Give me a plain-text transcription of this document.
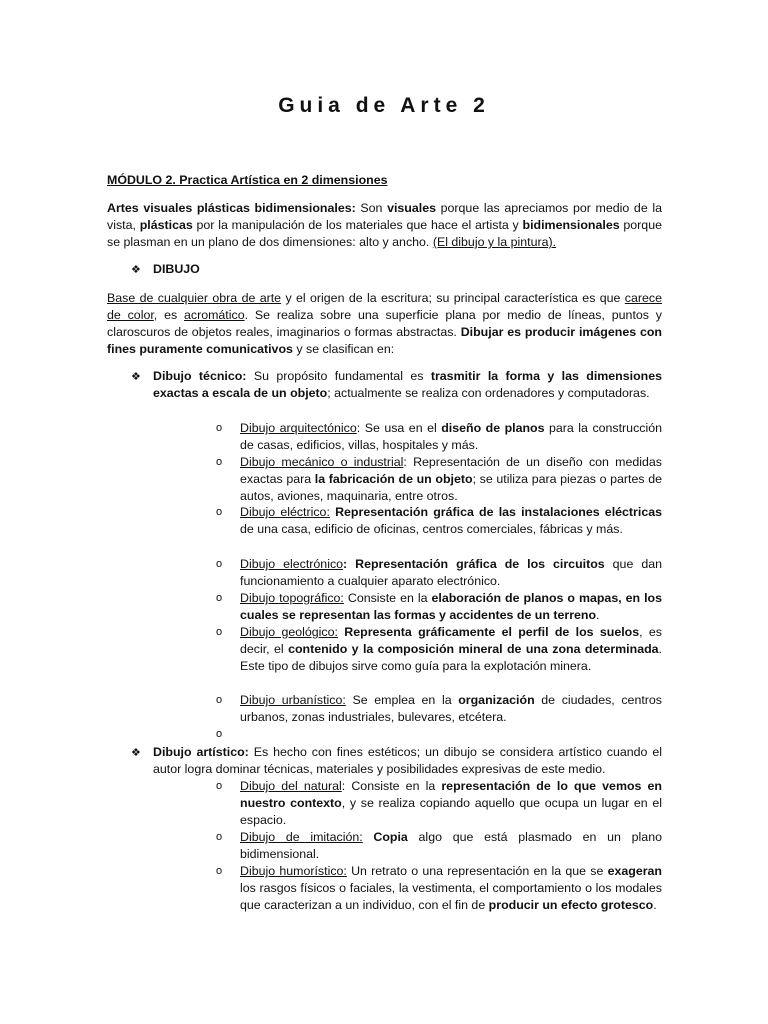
Guia de Arte 2
MÓDULO 2. Practica Artística en 2 dimensiones
Artes visuales plásticas bidimensionales: Son visuales porque las apreciamos por medio de la vista, plásticas por la manipulación de los materiales que hace el artista y bidimensionales porque se plasman en un plano de dos dimensiones: alto y ancho. (El dibujo y la pintura).
❖ DIBUJO
Base de cualquier obra de arte y el origen de la escritura; su principal característica es que carece de color, es acromático. Se realiza sobre una superficie plana por medio de líneas, puntos y claroscuros de objetos reales, imaginarios o formas abstractas. Dibujar es producir imágenes con fines puramente comunicativos y se clasifican en:
❖ Dibujo técnico: Su propósito fundamental es trasmitir la forma y las dimensiones exactas a escala de un objeto; actualmente se realiza con ordenadores y computadoras.
o Dibujo arquitectónico: Se usa en el diseño de planos para la construcción de casas, edificios, villas, hospitales y más.
o Dibujo mecánico o industrial: Representación de un diseño con medidas exactas para la fabricación de un objeto; se utiliza para piezas o partes de autos, aviones, maquinaria, entre otros.
o Dibujo eléctrico: Representación gráfica de las instalaciones eléctricas de una casa, edificio de oficinas, centros comerciales, fábricas y más.
o Dibujo electrónico: Representación gráfica de los circuitos que dan funcionamiento a cualquier aparato electrónico.
o Dibujo topográfico: Consiste en la elaboración de planos o mapas, en los cuales se representan las formas y accidentes de un terreno.
o Dibujo geológico: Representa gráficamente el perfil de los suelos, es decir, el contenido y la composición mineral de una zona determinada. Este tipo de dibujos sirve como guía para la explotación minera.
o Dibujo urbanístico: Se emplea en la organización de ciudades, centros urbanos, zonas industriales, bulevares, etcétera.
o
❖ Dibujo artístico: Es hecho con fines estéticos; un dibujo se considera artístico cuando el autor logra dominar técnicas, materiales y posibilidades expresivas de este medio.
o Dibujo del natural: Consiste en la representación de lo que vemos en nuestro contexto, y se realiza copiando aquello que ocupa un lugar en el espacio.
o Dibujo de imitación: Copia algo que está plasmado en un plano bidimensional.
o Dibujo humorístico: Un retrato o una representación en la que se exageran los rasgos físicos o faciales, la vestimenta, el comportamiento o los modales que caracterizan a un individuo, con el fin de producir un efecto grotesco.
